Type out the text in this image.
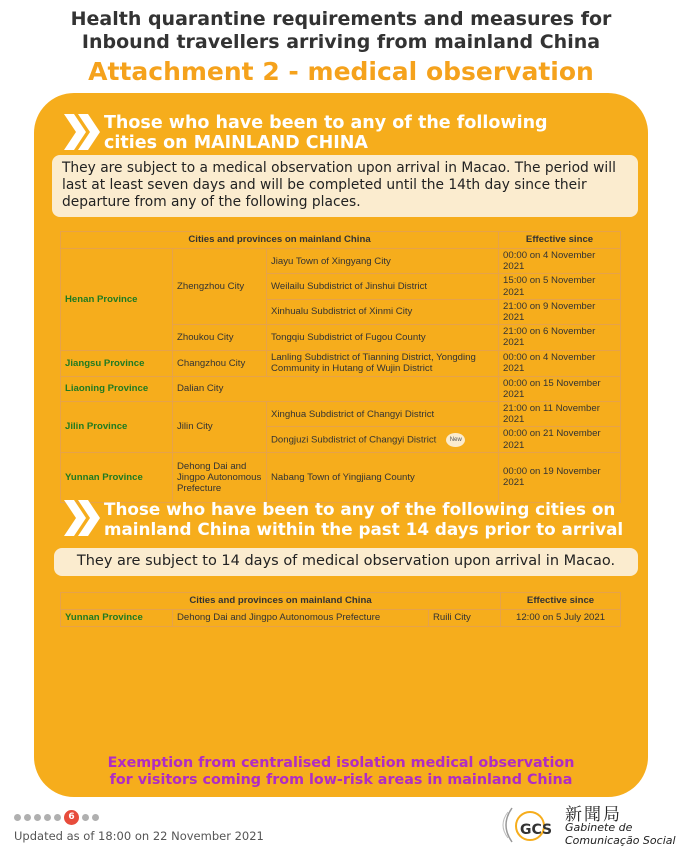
Health quarantine requirements and measures for
Inbound travellers arriving from mainland China
Attachment 2 - medical observation
Those who have been to any of the following
cities on MAINLAND CHINA
They are subject to a medical observation upon arrival in Macao. The period will last at least seven days and will be completed until the 14th day since their departure from any of the following places.
Cities and provinces on mainland China			Effective since
Henan Province	Zhengzhou City	Jiayu Town of Xingyang City	00:00 on 4 November 2021
		Weilailu Subdistrict of Jinshui District	15:00 on 5 November 2021
		Xinhualu Subdistrict of Xinmi City	21:00 on 9 November 2021
	Zhoukou City	Tongqiu Subdistrict of Fugou County	21:00 on 6 November 2021
Jiangsu Province	Changzhou City	Lanling Subdistrict of Tianning District, Yongding Community in Hutang of Wujin District	00:00 on 4 November 2021
Liaoning Province	Dalian City		00:00 on 15 November 2021
Jilin Province	Jilin City	Xinghua Subdistrict of Changyi District	21:00 on 11 November 2021
		Dongjuzi Subdistrict of Changyi District New	00:00 on 21 November 2021
Yunnan Province	Dehong Dai and Jingpo Autonomous Prefecture	Nabang Town of Yingjiang County	00:00 on 19 November 2021
Those who have been to any of the following cities on
mainland China within the past 14 days prior to arrival
They are subject to 14 days of medical observation upon arrival in Macao.
Cities and provinces on mainland China			Effective since
Yunnan Province	Dehong Dai and Jingpo Autonomous Prefecture	Ruili City	12:00 on 5 July 2021
Exemption from centralised isolation medical observation
for visitors coming from low-risk areas in mainland China
6
Updated as of 18:00 on 22 November 2021	GCS
新聞局
Gabinete de
Comunicação Social
